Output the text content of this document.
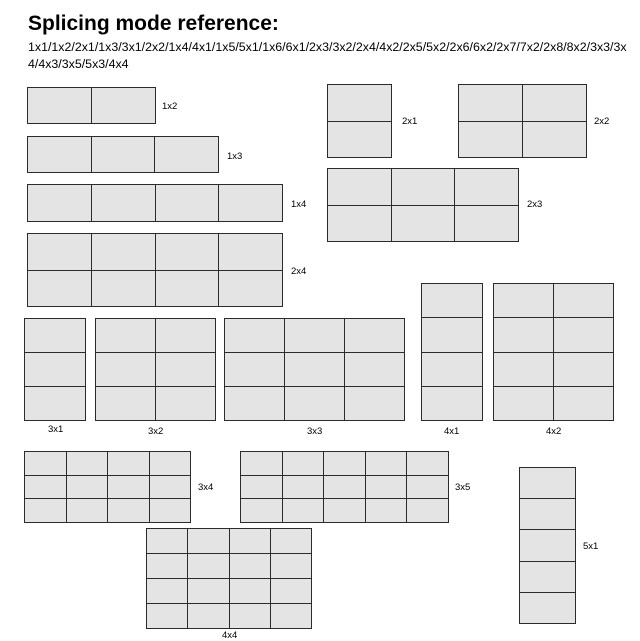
Splicing mode reference:
1x1/1x2/2x1/1x3/3x1/2x2/1x4/4x1/1x5/5x1/1x6/6x1/2x3/3x2/2x4/4x2/2x5/5x2/2x6/6x2/2x7/7x2/2x8/8x2/3x3/3x4/4x3/3x5/5x3/4x4
1x2
1x3
1x4
2x4
2x1	2x2
2x3
3x1	3x2	3x3	4x1	4x2
3x4	3x5
5x1
4x4
